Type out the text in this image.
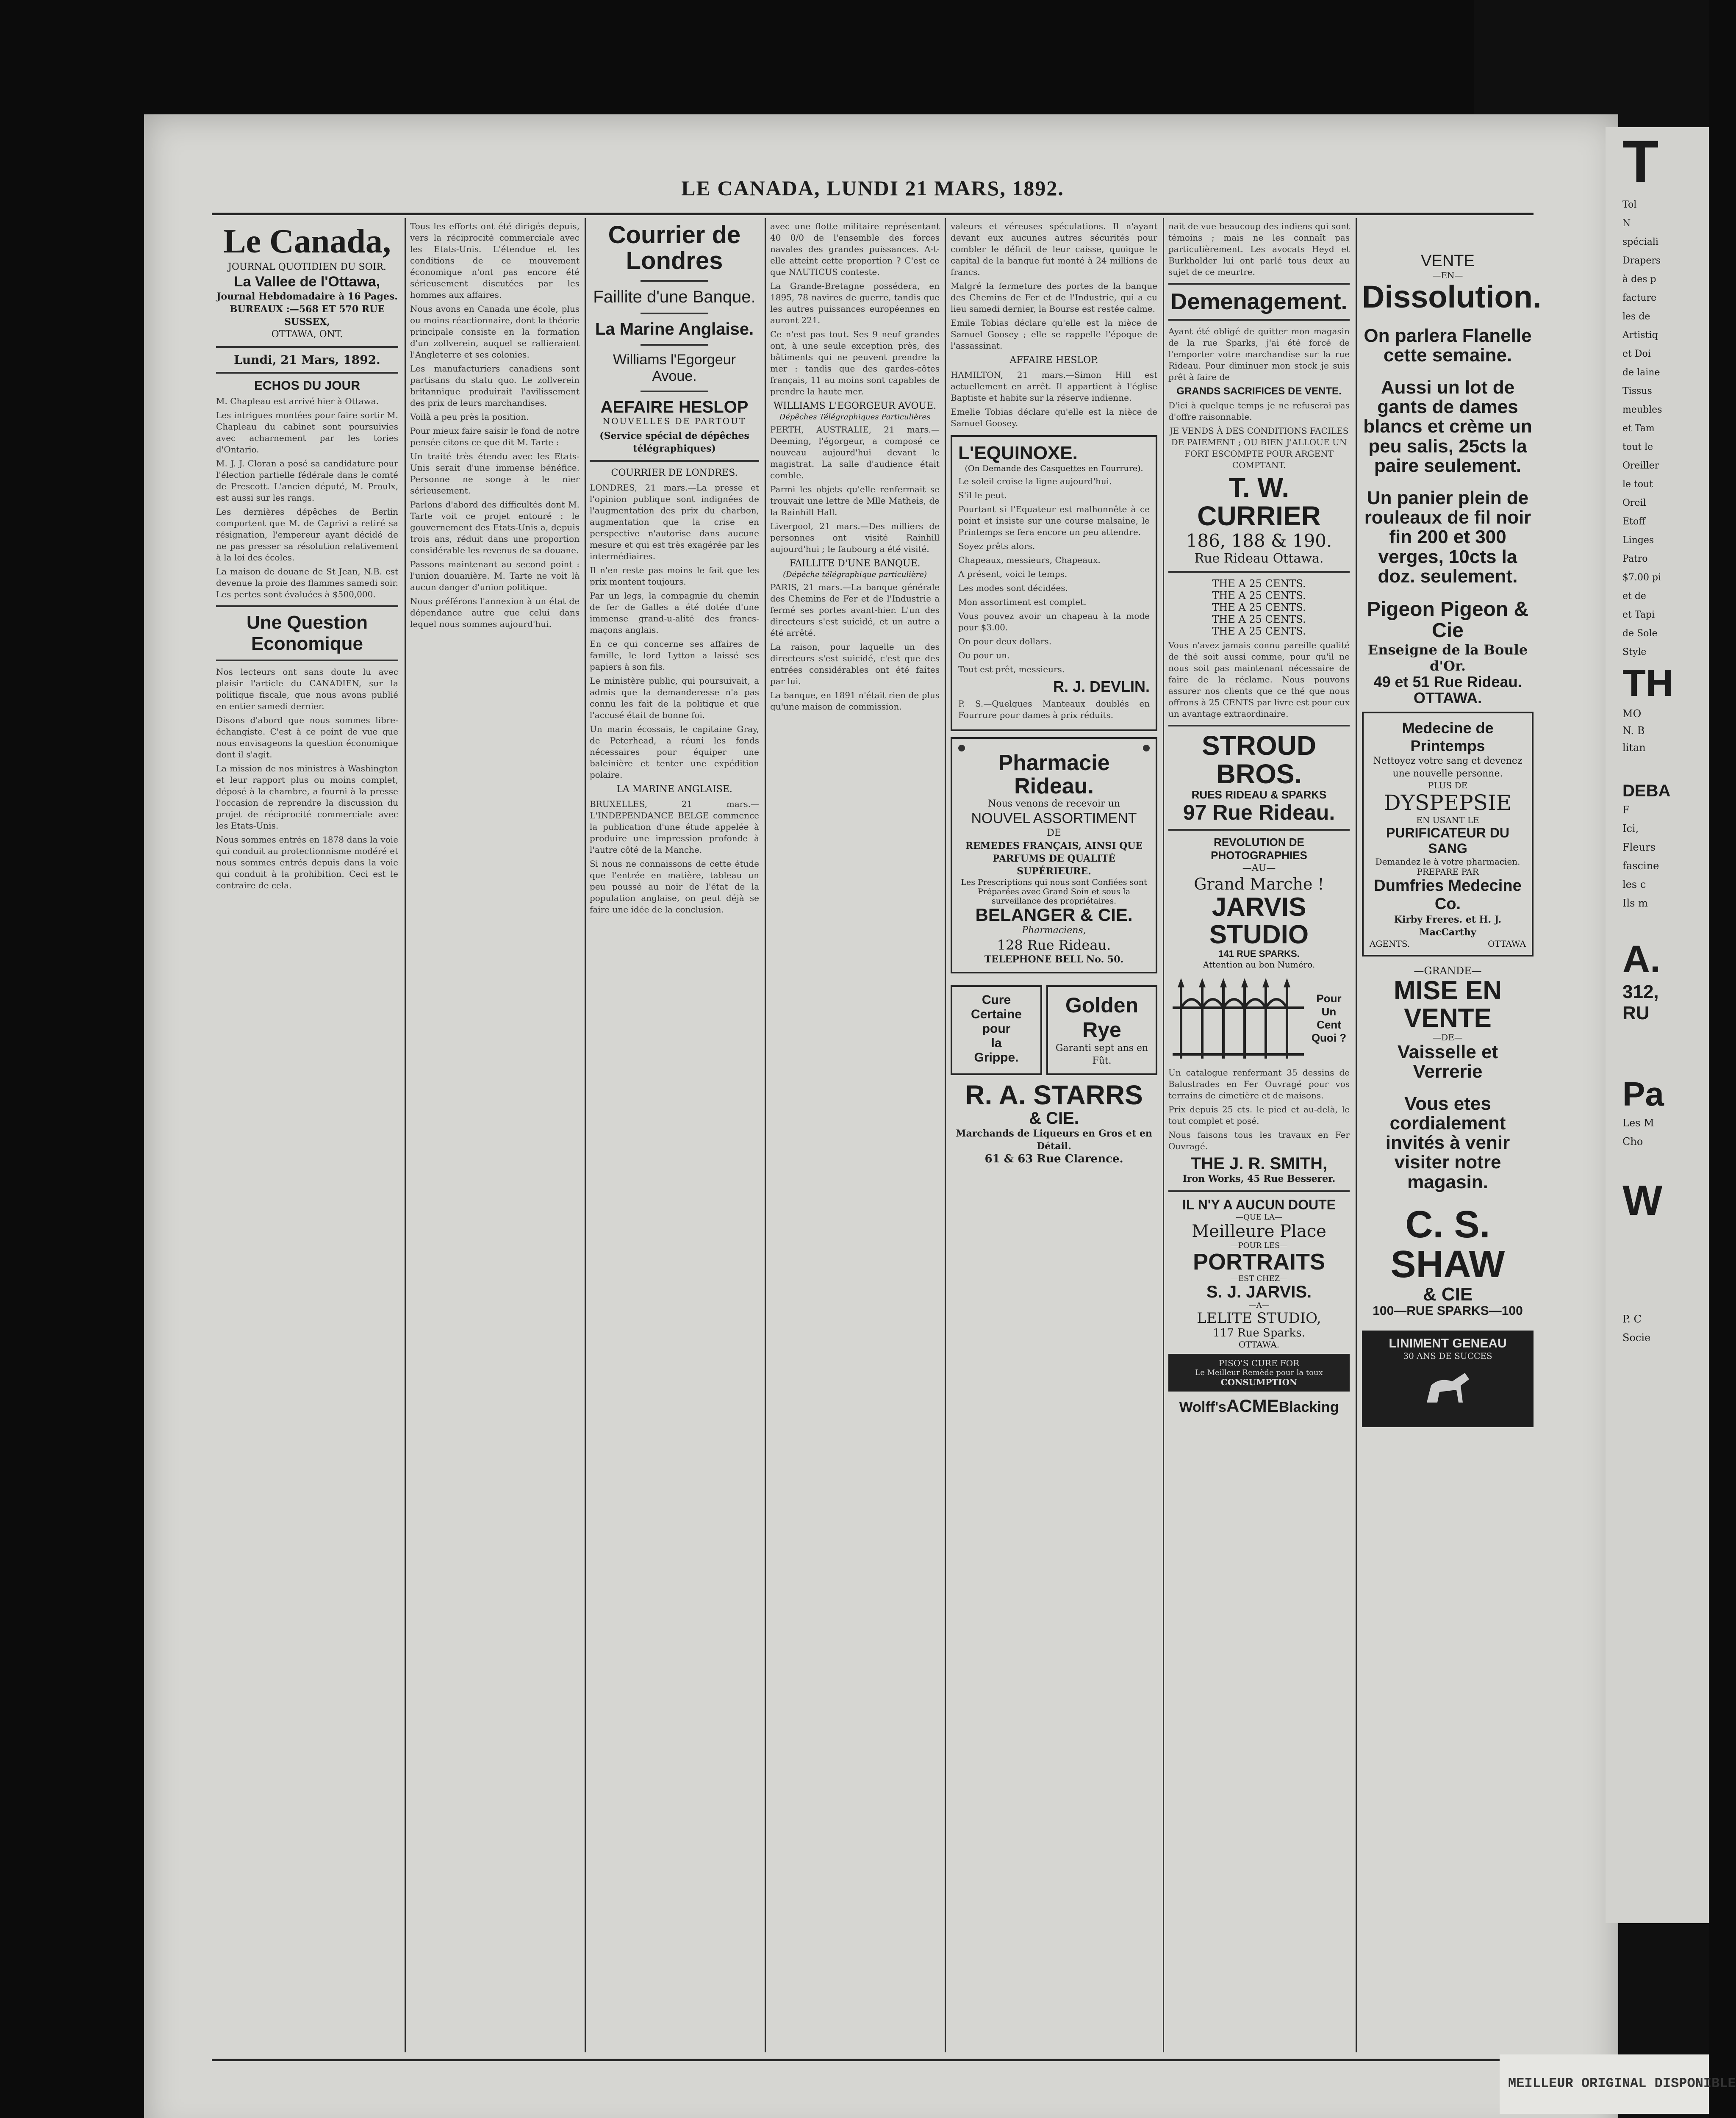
LE CANADA, LUNDI 21 MARS, 1892.
Le Canada,
JOURNAL QUOTIDIEN DU SOIR.
La Vallee de l'Ottawa,
Journal Hebdomadaire à 16 Pages.
BUREAUX :—568 ET 570 RUE SUSSEX,
OTTAWA, ONT.
Lundi, 21 Mars, 1892.
ECHOS DU JOUR

M. Chapleau est arrivé hier à Ottawa.

Les intrigues montées pour faire sortir M. Chapleau du cabinet sont poursuivies avec acharnement par les tories d'Ontario.

M. J. J. Cloran a posé sa candidature pour l'élection partielle fédérale dans le comté de Prescott. L'ancien député, M. Proulx, est aussi sur les rangs.

Les dernières dépêches de Berlin comportent que M. de Caprivi a retiré sa résignation, l'empereur ayant décidé de ne pas presser sa résolution relativement à la loi des écoles.

La maison de douane de St Jean, N.B. est devenue la proie des flammes samedi soir. Les pertes sont évaluées à $500,000.

Une Question Economique

Nos lecteurs ont sans doute lu avec plaisir l'article du CANADIEN, sur la politique fiscale, que nous avons publié en entier samedi dernier.

Disons d'abord que nous sommes libre-échangiste. C'est à ce point de vue que nous envisageons la question économique dont il s'agit.

La mission de nos ministres à Washington et leur rapport plus ou moins complet, déposé à la chambre, a fourni à la presse l'occasion de reprendre la discussion du projet de réciprocité commerciale avec les Etats-Unis.

Nous sommes entrés en 1878 dans la voie qui conduit au protectionnisme modéré et nous sommes entrés depuis dans la voie qui conduit à la prohibition. Ceci est le contraire de cela.

Tous les efforts ont été dirigés depuis, vers la réciprocité commerciale avec les Etats-Unis. L'étendue et les conditions de ce mouvement économique n'ont pas encore été sérieusement discutées par les hommes aux affaires.

Nous avons en Canada une école, plus ou moins réactionnaire, dont la théorie principale consiste en la formation d'un zollverein, auquel se rallieraient l'Angleterre et ses colonies.

Les manufacturiers canadiens sont partisans du statu quo. Le zollverein britannique produirait l'avilissement des prix de leurs marchandises.

Voilà a peu près la position.

Pour mieux faire saisir le fond de notre pensée citons ce que dit M. Tarte :

Un traité très étendu avec les Etats-Unis serait d'une immense bénéfice. Personne ne songe à le nier sérieusement.

Parlons d'abord des difficultés dont M. Tarte voit ce projet entouré : le gouvernement des Etats-Unis a, depuis trois ans, réduit dans une proportion considérable les revenus de sa douane.

Passons maintenant au second point : l'union douanière. M. Tarte ne voit là aucun danger d'union politique.

Nous préférons l'annexion à un état de dépendance autre que celui dans lequel nous sommes aujourd'hui.

Courrier de Londres
Faillite d'une Banque.
La Marine Anglaise.
Williams l'Egorgeur Avoue.
AEFAIRE HESLOP
NOUVELLES DE PARTOUT
(Service spécial de dépêches télégraphiques)
COURRIER DE LONDRES.

LONDRES, 21 mars.—La presse et l'opinion publique sont indignées de l'augmentation des prix du charbon, augmentation que la crise en perspective n'autorise dans aucune mesure et qui est très exagérée par les intermédiaires.

Il n'en reste pas moins le fait que les prix montent toujours.

Par un legs, la compagnie du chemin de fer de Galles a été dotée d'une immense grand-u-alité des francs-maçons anglais.

En ce qui concerne ses affaires de famille, le lord Lytton a laissé ses papiers à son fils.

Le ministère public, qui poursuivait, a admis que la demanderesse n'a pas connu les fait de la politique et que l'accusé était de bonne foi.

Un marin écossais, le capitaine Gray, de Peterhead, a réuni les fonds nécessaires pour équiper une baleinière et tenter une expédition polaire.

LA MARINE ANGLAISE.

BRUXELLES, 21 mars.—L'INDEPENDANCE BELGE commence la publication d'une étude appelée à produire une impression profonde à l'autre côté de la Manche.

Si nous ne connaissons de cette étude que l'entrée en matière, tableau un peu poussé au noir de l'état de la population anglaise, on peut déjà se faire une idée de la conclusion.

avec une flotte militaire représentant 40 0/0 de l'ensemble des forces navales des grandes puissances. A-t-elle atteint cette proportion ? C'est ce que NAUTICUS conteste.

La Grande-Bretagne possédera, en 1895, 78 navires de guerre, tandis que les autres puissances européennes en auront 221.

Ce n'est pas tout. Ses 9 neuf grandes ont, à une seule exception près, des bâtiments qui ne peuvent prendre la mer : tandis que des gardes-côtes français, 11 au moins sont capables de prendre la haute mer.

WILLIAMS L'EGORGEUR AVOUE.
Dépêches Télégraphiques Particulières

PERTH, AUSTRALIE, 21 mars.—Deeming, l'égorgeur, a composé ce nouveau aujourd'hui devant le magistrat. La salle d'audience était comble.

Parmi les objets qu'elle renfermait se trouvait une lettre de Mlle Matheis, de la Rainhill Hall.

Liverpool, 21 mars.—Des milliers de personnes ont visité Rainhill aujourd'hui ; le faubourg a été visité.

FAILLITE D'UNE BANQUE.
(Dépêche télégraphique particulière)

PARIS, 21 mars.—La banque générale des Chemins de Fer et de l'Industrie a fermé ses portes avant-hier. L'un des directeurs s'est suicidé, et un autre a été arrêté.

La raison, pour laquelle un des directeurs s'est suicidé, c'est que des entrées considérables ont été faites par lui.

La banque, en 1891 n'était rien de plus qu'une maison de commission.

valeurs et véreuses spéculations. Il n'ayant devant eux aucunes autres sécurités pour combler le déficit de leur caisse, quoique le capital de la banque fut monté à 24 millions de francs.

Malgré la fermeture des portes de la banque des Chemins de Fer et de l'Industrie, qui a eu lieu samedi dernier, la Bourse est restée calme.

Emile Tobias déclare qu'elle est la nièce de Samuel Goosey ; elle se rappelle l'époque de l'assassinat.

AFFAIRE HESLOP.

HAMILTON, 21 mars.—Simon Hill est actuellement en arrêt. Il appartient à l'église Baptiste et habite sur la réserve indienne.

Emelie Tobias déclare qu'elle est la nièce de Samuel Goosey.

L'EQUINOXE.
(On Demande des Casquettes en Fourrure).
Le soleil croise la ligne aujourd'hui.
S'il le peut.
Pourtant si l'Equateur est malhonnête à ce point et insiste sur une course malsaine, le Printemps se fera encore un peu attendre.
Soyez prêts alors.
Chapeaux, messieurs, Chapeaux.
A présent, voici le temps.
Les modes sont décidées.
Mon assortiment est complet.
Vous pouvez avoir un chapeau à la mode pour $3.00.
On pour deux dollars.
Ou pour un.
Tout est prêt, messieurs.
R. J. DEVLIN.
P. S.—Quelques Manteaux doublés en Fourrure pour dames à prix réduits.
Pharmacie Rideau.
Nous venons de recevoir un
NOUVEL ASSORTIMENT
DE
REMEDES FRANÇAIS, AINSI QUE PARFUMS DE QUALITÉ SUPÉRIEURE.
Les Prescriptions qui nous sont Confiées sont Préparées avec Grand Soin et sous la surveillance des propriétaires.
BELANGER & CIE.
Pharmaciens,
128 Rue Rideau.
TELEPHONE BELL No. 50.
Cure
Certaine
pour
la
Grippe.
Golden
Rye
Garanti sept ans en Fût.
R. A. STARRS
& CIE.
Marchands de Liqueurs en Gros et en Détail.
61 & 63 Rue Clarence.

nait de vue beaucoup des indiens qui sont témoins ; mais ne les connaît pas particulièrement. Les avocats Heyd et Burkholder lui ont parlé tous deux au sujet de ce meurtre.

Demenagement.

Ayant été obligé de quitter mon magasin de la rue Sparks, j'ai été forcé de l'emporter votre marchandise sur la rue Rideau. Pour diminuer mon stock je suis prêt à faire de

GRANDS SACRIFICES DE VENTE.

D'ici à quelque temps je ne refuserai pas d'offre raisonnable.

JE VENDS À DES CONDITIONS FACILES DE PAIEMENT ; OU BIEN J'ALLOUE UN FORT ESCOMPTE POUR ARGENT COMPTANT.

T. W. CURRIER
186, 188 & 190.
Rue Rideau Ottawa.
THE A 25 CENTS.
THE A 25 CENTS.
THE A 25 CENTS.
THE A 25 CENTS.
THE A 25 CENTS.

Vous n'avez jamais connu pareille qualité de thé soit aussi comme, pour qu'il ne nous soit pas maintenant nécessaire de faire de la réclame. Nous pouvons assurer nos clients que ce thé que nous offrons à 25 CENTS par livre est pour eux un avantage extraordinaire.

STROUD BROS.
RUES RIDEAU & SPARKS
97 Rue Rideau.
REVOLUTION DE PHOTOGRAPHIES
—AU—
Grand Marche !
JARVIS STUDIO
141 RUE SPARKS.
Attention au bon Numéro.
Pour
Un
Cent
Quoi ?

Un catalogue renfermant 35 dessins de Balustrades en Fer Ouvragé pour vos terrains de cimetière et de maisons.

Prix depuis 25 cts. le pied et au-delà, le tout complet et posé.

Nous faisons tous les travaux en Fer Ouvragé.

THE J. R. SMITH,
Iron Works, 45 Rue Besserer.
IL N'Y A AUCUN DOUTE
—QUE LA—
Meilleure Place
—POUR LES—
PORTRAITS
—EST CHEZ—
S. J. JARVIS.
—A—
LELITE STUDIO,
117 Rue Sparks.
OTTAWA.
PISO'S CURE FOR
Le Meilleur Remède pour la toux
CONSUMPTION
Wolff'sACMEBlacking
VENTE
—EN—
Dissolution.
On parlera Flanelle cette semaine.
Aussi un lot de gants de dames blancs et crème un peu salis, 25cts la paire seulement.
Un panier plein de rouleaux de fil noir fin 200 et 300 verges, 10cts la doz. seulement.
Pigeon Pigeon & Cie
Enseigne de la Boule d'Or.
49 et 51 Rue Rideau.
OTTAWA.
Medecine de Printemps
Nettoyez votre sang et devenez une nouvelle personne.
PLUS DE
DYSPEPSIE
EN USANT LE
PURIFICATEUR DU SANG
Demandez le à votre pharmacien.
PREPARE PAR
Dumfries Medecine Co.
Kirby Freres. et H. J. MacCarthy
AGENTS.	OTTAWA
—GRANDE—
MISE EN VENTE
—DE—
Vaisselle et Verrerie
Vous etes cordialement invités à venir visiter notre magasin.
C. S. SHAW
& CIE
100—RUE SPARKS—100
LINIMENT GENEAU
30 ANS DE SUCCES
T
Tol
N
spéciali
Drapers
à des p
facture
les de
Artistiq
et Doi
de laine
Tissus
meubles
et Tam
tout le
Oreiller
le tout
Oreil
Etoff
Linges
Patro
$7.00 pi
et de
et Tapi
de Sole
Style
TH
MO
N. B
litan
DEBA
F
Ici,
Fleurs
fascine
les c
Ils m
A.
312,
RU
Pa
Les M
Cho
W
P. C
Socie
MEILLEUR ORIGINAL DISPONIBLE
